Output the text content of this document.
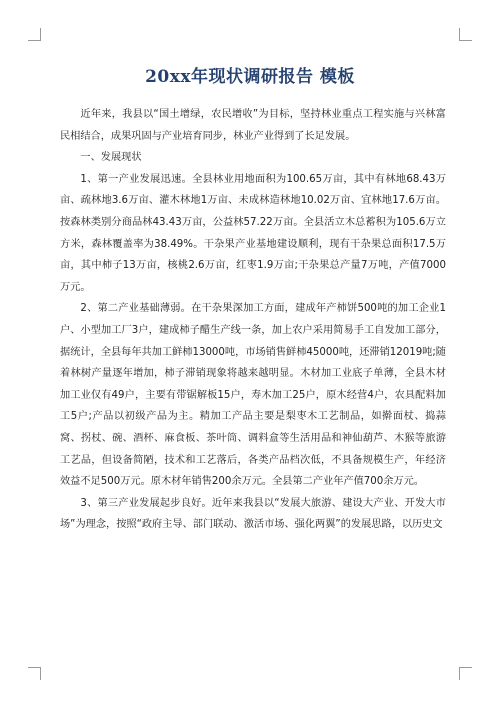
20xx年现状调研报告 模板

近年来，我县以“国土增绿，农民增收”为目标，坚持林业重点工程实施与兴林富民相结合，成果巩固与产业培育同步，林业产业得到了长足发展。

一、发展现状

1、第一产业发展迅速。全县林业用地面积为100.65万亩，其中有林地68.43万亩、疏林地3.6万亩、灌木林地1万亩、未成林造林地10.02万亩、宜林地17.6万亩。按森林类别分商品林43.43万亩，公益林57.22万亩。全县活立木总蓄积为105.6万立方米，森林覆盖率为38.49%。干杂果产业基地建设顺利，现有干杂果总面积17.5万亩，其中柿子13万亩，核桃2.6万亩，红枣1.9万亩;干杂果总产量7万吨，产值7000万元。

2、第二产业基础薄弱。在干杂果深加工方面，建成年产柿饼500吨的加工企业1户、小型加工厂3户，建成柿子醋生产线一条，加上农户采用简易手工自发加工部分，据统计，全县每年共加工鲜柿13000吨，市场销售鲜柿45000吨，还滞销12019吨;随着林树产量逐年增加，柿子滞销现象将越来越明显。木材加工业底子单薄，全县木材加工业仅有49户，主要有带锯解板15户，寿木加工25户，原木经营4户，农具配料加工5户;产品以初级产品为主。精加工产品主要是梨枣木工艺制品，如擀面杖、捣蒜窝、拐杖、碗、酒杯、麻食板、茶叶筒、调料盒等生活用品和神仙葫芦、木猴等旅游工艺品，但设备简陋，技术和工艺落后，各类产品档次低，不具备规模生产，年经济效益不足500万元。原木材年销售200余万元。全县第二产业年产值700余万元。

3、第三产业发展起步良好。近年来我县以“发展大旅游、建设大产业、开发大市场”为理念，按照“政府主导、部门联动、激活市场、强化两翼”的发展思路，以历史文
